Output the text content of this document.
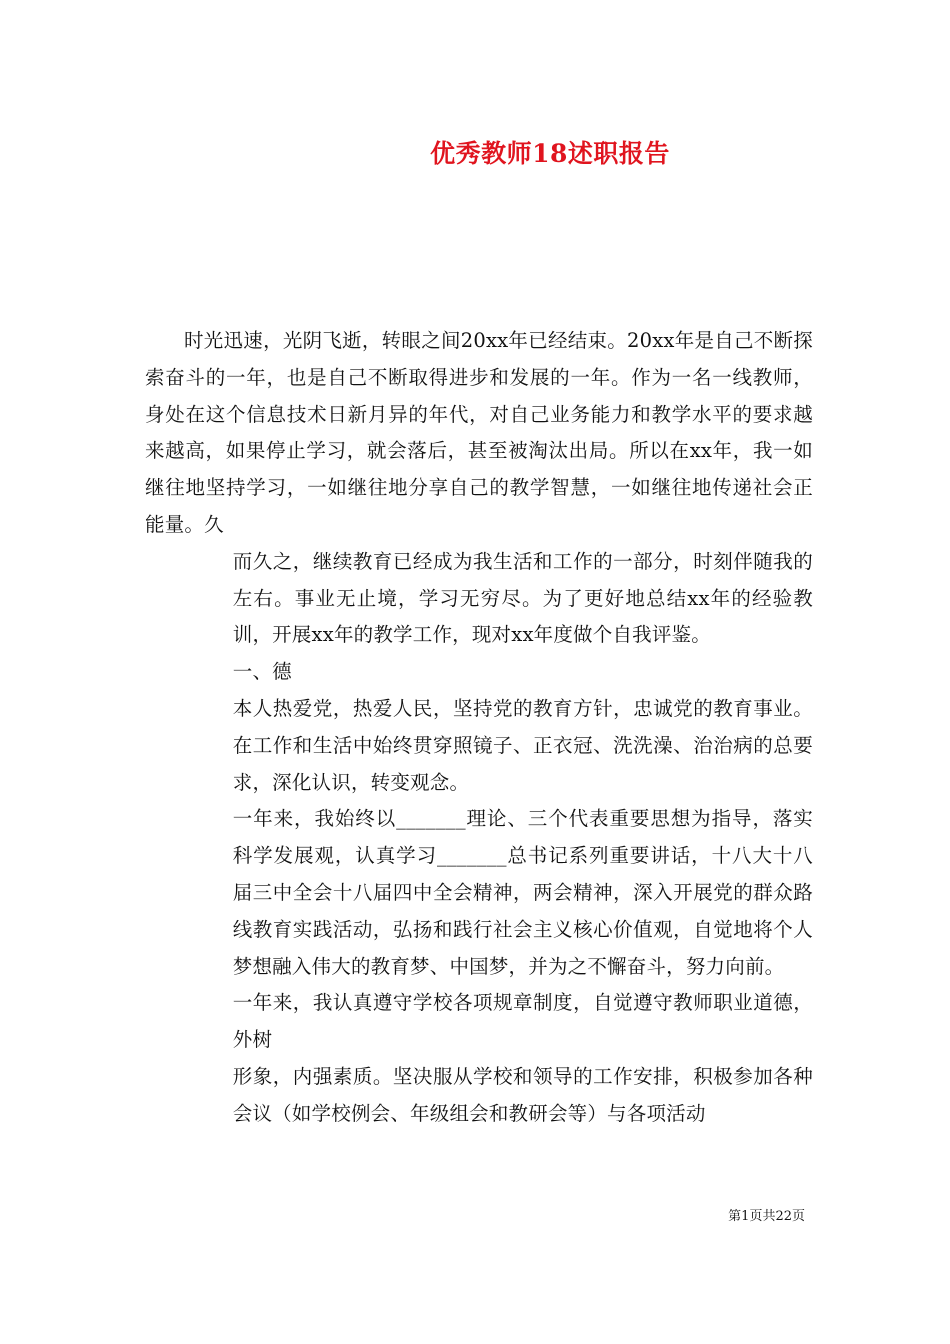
优秀教师18述职报告

时光迅速，光阴飞逝，转眼之间20xx年已经结束。20xx年是自己不断探索奋斗的一年，也是自己不断取得进步和发展的一年。作为一名一线教师，身处在这个信息技术日新月异的年代，对自己业务能力和教学水平的要求越来越高，如果停止学习，就会落后，甚至被淘汰出局。所以在xx年，我一如继往地坚持学习，一如继往地分享自己的教学智慧，一如继往地传递社会正能量。久

而久之，继续教育已经成为我生活和工作的一部分，时刻伴随我的左右。事业无止境，学习无穷尽。为了更好地总结xx年的经验教训，开展xx年的教学工作，现对xx年度做个自我评鉴。

一、德

本人热爱党，热爱人民，坚持党的教育方针，忠诚党的教育事业。在工作和生活中始终贯穿照镜子、正衣冠、洗洗澡、治治病的总要求，深化认识，转变观念。

一年来，我始终以_______理论、三个代表重要思想为指导，落实科学发展观，认真学习_______总书记系列重要讲话，十八大十八届三中全会十八届四中全会精神，两会精神，深入开展党的群众路线教育实践活动，弘扬和践行社会主义核心价值观，自觉地将个人梦想融入伟大的教育梦、中国梦，并为之不懈奋斗，努力向前。

一年来，我认真遵守学校各项规章制度，自觉遵守教师职业道德，外树

形象，内强素质。坚决服从学校和领导的工作安排，积极参加各种会议（如学校例会、年级组会和教研会等）与各项活动

第1页共22页
